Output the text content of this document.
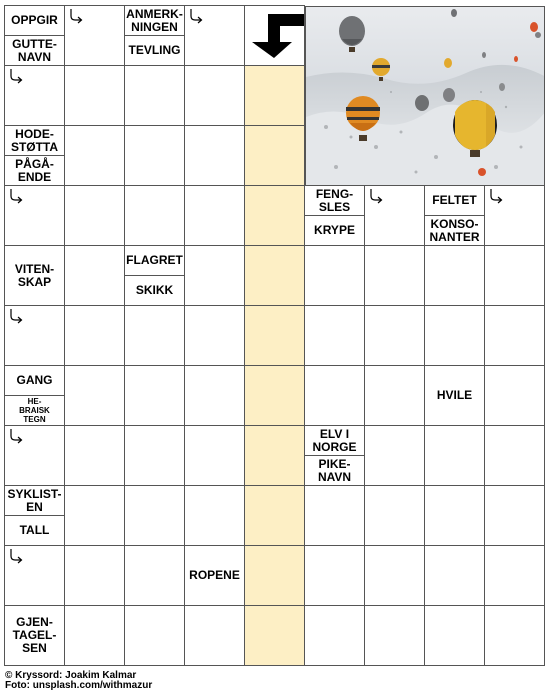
OPPGIR
GUTTE-
NAVN
ANMERK-
NINGEN
TEVLING
HODE-
STØTTA
PÅGÅ-
ENDE
FENG-
SLES
KRYPE
FELTET
KONSO-
NANTER
VITEN-
SKAP
FLAGRET
SKIKK
GANG
HE-
BRAISK
TEGN
HVILE
ELV I
NORGE
PIKE-
NAVN
SYKLIST-
EN
TALL
ROPENE
GJEN-
TAGEL-
SEN
© Kryssord: Joakim Kalmar
Foto: unsplash.com/withmazur
